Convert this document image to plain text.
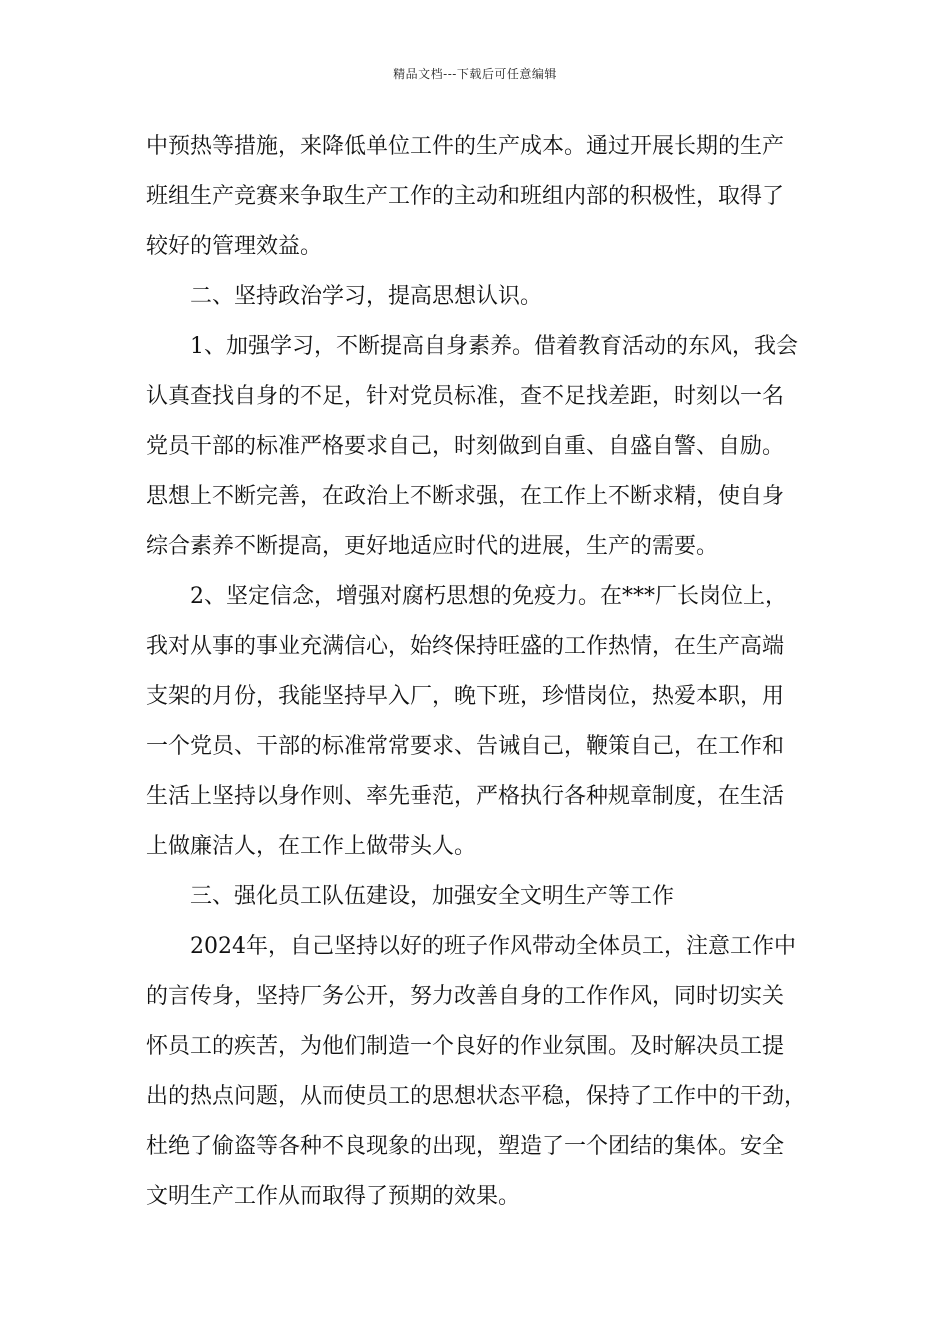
精品文档---下载后可任意编辑
中预热等措施，来降低单位工件的生产成本。通过开展长期的生产
班组生产竞赛来争取生产工作的主动和班组内部的积极性，取得了
较好的管理效益。
二、坚持政治学习，提高思想认识。
1、加强学习，不断提高自身素养。借着教育活动的东风，我会
认真查找自身的不足，针对党员标准，查不足找差距，时刻以一名
党员干部的标准严格要求自己，时刻做到自重、自盛自警、自励。
思想上不断完善，在政治上不断求强，在工作上不断求精，使自身
综合素养不断提高，更好地适应时代的进展，生产的需要。
2、坚定信念，增强对腐朽思想的免疫力。在***厂长岗位上，
我对从事的事业充满信心，始终保持旺盛的工作热情，在生产高端
支架的月份，我能坚持早入厂，晚下班，珍惜岗位，热爱本职，用
一个党员、干部的标准常常要求、告诫自己，鞭策自己，在工作和
生活上坚持以身作则、率先垂范，严格执行各种规章制度，在生活
上做廉洁人，在工作上做带头人。
三、强化员工队伍建设，加强安全文明生产等工作
2024年，自己坚持以好的班子作风带动全体员工，注意工作中
的言传身，坚持厂务公开，努力改善自身的工作作风，同时切实关
怀员工的疾苦，为他们制造一个良好的作业氛围。及时解决员工提
出的热点问题，从而使员工的思想状态平稳，保持了工作中的干劲，
杜绝了偷盗等各种不良现象的出现，塑造了一个团结的集体。安全
文明生产工作从而取得了预期的效果。
